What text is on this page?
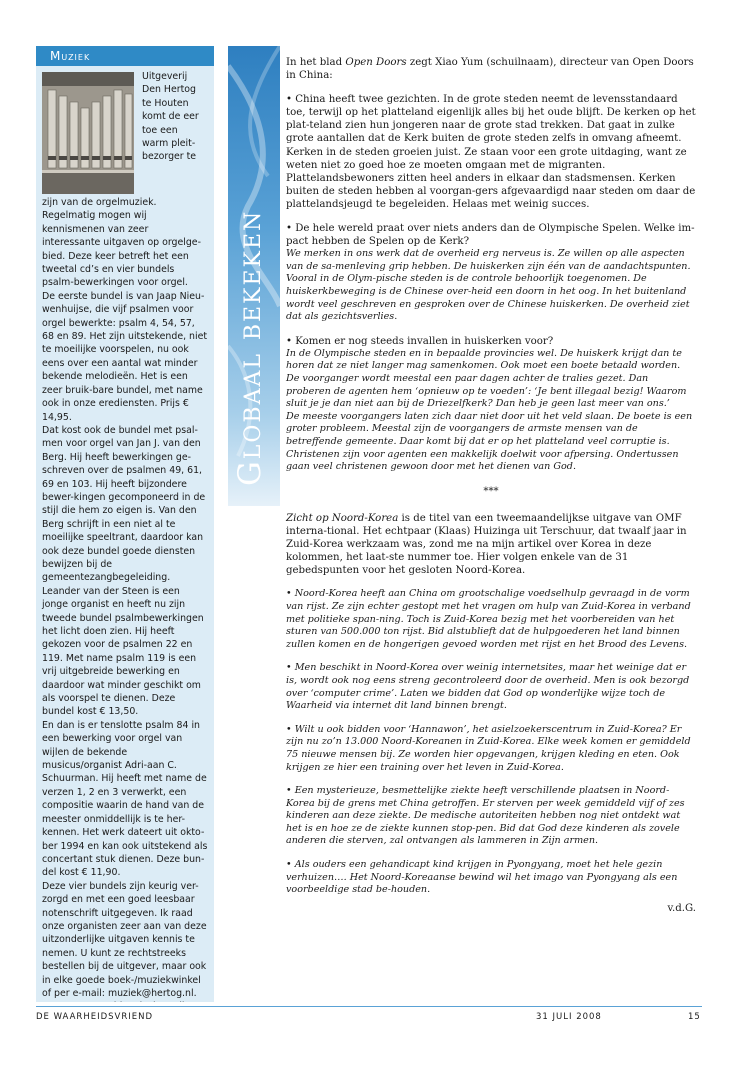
Muziek

Uitgeverij
Den Hertog
te Houten
komt de eer
toe een
warm pleit-
bezorger te

zijn van de orgelmuziek. Regelmatig mogen wij kennismenen van zeer interessante uitgaven op orgelge-bied. Deze keer betreft het een tweetal cd’s en vier bundels psalm-bewerkingen voor orgel.
De eerste bundel is van Jaap Nieu-wenhuijse, die vijf psalmen voor orgel bewerkte: psalm 4, 54, 57, 68 en 89. Het zijn uitstekende, niet te moeilijke voorspelen, nu ook eens over een aantal wat minder bekende melodieën. Het is een zeer bruik-bare bundel, met name ook in onze erediensten. Prijs € 14,95.
Dat kost ook de bundel met psal-men voor orgel van Jan J. van den Berg. Hij heeft bewerkingen ge-schreven over de psalmen 49, 61, 69 en 103. Hij heeft bijzondere bewer-kingen gecomponeerd in de stijl die hem zo eigen is. Van den Berg schrijft in een niet al te moeilijke speeltrant, daardoor kan ook deze bundel goede diensten bewijzen bij de gemeentezangbegeleiding.
Leander van der Steen is een jonge organist en heeft nu zijn tweede bundel psalmbewerkingen het licht doen zien. Hij heeft gekozen voor de psalmen 22 en 119. Met name psalm 119 is een vrij uitgebreide bewerking en daardoor wat minder geschikt om als voorspel te dienen. Deze bundel kost € 13,50.
En dan is er tenslotte psalm 84 in een bewerking voor orgel van wijlen de bekende musicus/organist Adri-aan C. Schuurman. Hij heeft met name de verzen 1, 2 en 3 verwerkt, een compositie waarin de hand van de meester onmiddellijk is te her-kennen. Het werk dateert uit okto-ber 1994 en kan ook uitstekend als concertant stuk dienen. Deze bun-del kost € 11,90.
Deze vier bundels zijn keurig ver-zorgd en met een goed leesbaar notenschrift uitgegeven. Ik raad onze organisten zeer aan van deze uitzonderlijke uitgaven kennis te nemen. U kunt ze rechtstreeks bestellen bij de uitgever, maar ook in elke goede boek-/muziekwinkel of per e-mail: muziek@hertog.nl.

Globaal bekeken

In het blad Open Doors zegt Xiao Yum (schuilnaam), directeur van Open Doors in China:

• China heeft twee gezichten. In de grote steden neemt de levensstandaard toe, terwijl op het platteland eigenlijk alles bij het oude blijft. De kerken op het plat-teland zien hun jongeren naar de grote stad trekken. Dat gaat in zulke grote aantallen dat de Kerk buiten de grote steden zelfs in omvang afneemt. Kerken in de steden groeien juist. Ze staan voor een grote uitdaging, want ze weten niet zo goed hoe ze moeten omgaan met de migranten. Plattelandsbewoners zitten heel anders in elkaar dan stadsmensen. Kerken buiten de steden hebben al voorgan-gers afgevaardigd naar steden om daar de plattelandsjeugd te begeleiden. Helaas met weinig succes.

• De hele wereld praat over niets anders dan de Olympische Spelen. Welke im-pact hebben de Spelen op de Kerk?

We merken in ons werk dat de overheid erg nerveus is. Ze willen op alle aspecten van de sa-menleving grip hebben. De huiskerken zijn één van de aandachtspunten. Vooral in de Olym-pische steden is de controle behoorlijk toegenomen. De huiskerkbeweging is de Chinese over-heid een doorn in het oog. In het buitenland wordt veel geschreven en gesproken over de Chinese huiskerken. De overheid ziet dat als gezichtsverlies.

• Komen er nog steeds invallen in huiskerken voor?

In de Olympische steden en in bepaalde provincies wel. De huiskerk krijgt dan te horen dat ze niet langer mag samenkomen. Ook moet een boete betaald worden. De voorganger wordt meestal een paar dagen achter de tralies gezet. Dan proberen de agenten hem ‘opnieuw op te voeden’: ‘Je bent illegaal bezig! Waarom sluit je je dan niet aan bij de Driezelfkerk? Dan heb je geen last meer van ons.’

De meeste voorgangers laten zich daar niet door uit het veld slaan. De boete is een groter probleem. Meestal zijn de voorgangers de armste mensen van de betreffende gemeente. Daar komt bij dat er op het platteland veel corruptie is. Christenen zijn voor agenten een makkelijk doelwit voor afpersing. Ondertussen gaan veel christenen gewoon door met het dienen van God.

***

Zicht op Noord-Korea is de titel van een tweemaandelijkse uitgave van OMF interna-tional. Het echtpaar (Klaas) Huizinga uit Terschuur, dat twaalf jaar in Zuid-Korea werkzaam was, zond me na mijn artikel over Korea in deze kolommen, het laat-ste nummer toe. Hier volgen enkele van de 31 gebedspunten voor het gesloten Noord-Korea.

• Noord-Korea heeft aan China om grootschalige voedselhulp gevraagd in de vorm van rijst. Ze zijn echter gestopt met het vragen om hulp van Zuid-Korea in verband met politieke span-ning. Toch is Zuid-Korea bezig met het voorbereiden van het sturen van 500.000 ton rijst. Bid alstublieft dat de hulpgoederen het land binnen zullen komen en de hongerigen gevoed worden met rijst en het Brood des Levens.

• Men beschikt in Noord-Korea over weinig internetsites, maar het weinige dat er is, wordt ook nog eens streng gecontroleerd door de overheid. Men is ook bezorgd over ‘computer crime’. Laten we bidden dat God op wonderlijke wijze toch de Waarheid via internet dit land binnen brengt.

• Wilt u ook bidden voor ‘Hannawon’, het asielzoekerscentrum in Zuid-Korea? Er zijn nu zo’n 13.000 Noord-Koreanen in Zuid-Korea. Elke week komen er gemiddeld 75 nieuwe mensen bij. Ze worden hier opgevangen, krijgen kleding en eten. Ook krijgen ze hier een training over het leven in Zuid-Korea.

• Een mysterieuze, besmettelijke ziekte heeft verschillende plaatsen in Noord-Korea bij de grens met China getroffen. Er sterven per week gemiddeld vijf of zes kinderen aan deze ziekte. De medische autoriteiten hebben nog niet ontdekt wat het is en hoe ze de ziekte kunnen stop-pen. Bid dat God deze kinderen als zovele anderen die sterven, zal ontvangen als lammeren in Zijn armen.

• Als ouders een gehandicapt kind krijgen in Pyongyang, moet het hele gezin verhuizen…. Het Noord-Koreaanse bewind wil het imago van Pyongyang als een voorbeeldige stad be-houden.

v.d.G.

DE WAARHEIDSVRIEND	31 JULI 2008	15
